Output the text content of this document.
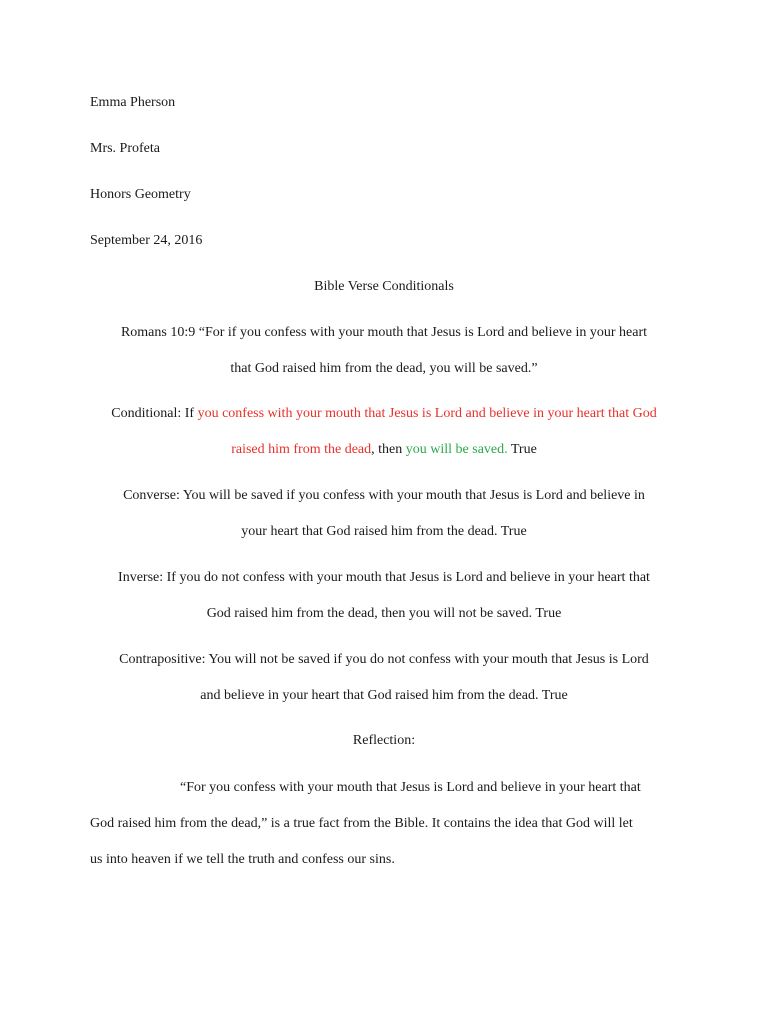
Emma Pherson
Mrs. Profeta
Honors Geometry
September 24, 2016
Bible Verse Conditionals
Romans 10:9 “For if you confess with your mouth that Jesus is Lord and believe in your heart
that God raised him from the dead, you will be saved.”
Conditional: If you confess with your mouth that Jesus is Lord and believe in your heart that God
raised him from the dead, then you will be saved. True
Converse: You will be saved if you confess with your mouth that Jesus is Lord and believe in
your heart that God raised him from the dead. True
Inverse: If you do not confess with your mouth that Jesus is Lord and believe in your heart that
God raised him from the dead, then you will not be saved. True
Contrapositive: You will not be saved if you do not confess with your mouth that Jesus is Lord
and believe in your heart that God raised him from the dead. True
Reflection:
“For you confess with your mouth that Jesus is Lord and believe in your heart that
God raised him from the dead,” is a true fact from the Bible. It contains the idea that God will let
us into heaven if we tell the truth and confess our sins.
